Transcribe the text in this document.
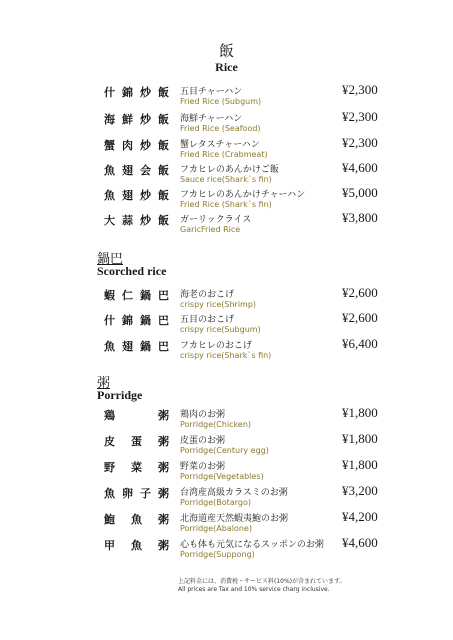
飯
Rice
什錦炒飯 五目チャーハン
Fried Rice (Subgum)
¥2,300
海鮮炒飯 海鮮チャーハン
Fried Rice (Seafood)
¥2,300
蟹肉炒飯 蟹レタスチャーハン
Fried Rice (Crabmeat)
¥2,300
魚翅会飯 フカヒレのあんかけご飯
Sauce rice(Shark`s fin)
¥4,600
魚翅炒飯 フカヒレのあんかけチャーハン
Fried Rice (Shark`s fin)
¥5,000
大蒜炒飯 ガーリックライス
GaricFried Rice
¥3,800
鍋巴
Scorched rice
蝦仁鍋巴 海老のおこげ
crispy rice(Shrimp)
¥2,600
什錦鍋巴 五目のおこげ
crispy rice(Subgum)
¥2,600
魚翅鍋巴 フカヒレのおこげ
crispy rice(Shark`s fin)
¥6,400
粥
Porridge
鶏粥 鶏肉のお粥
Porridge(Chicken)
¥1,800
皮蛋粥 皮蛋のお粥
Porridge(Century egg)
¥1,800
野菜粥 野菜のお粥
Porridge(Vegetables)
¥1,800
魚卵子粥 台湾産高級カラスミのお粥
Porridge(Botargo)
¥3,200
鮑魚粥 北海道産天然蝦夷鮑のお粥
Porridge(Abalone)
¥4,200
甲魚粥 心も体も元気になるスッポンのお粥
Porridge(Suppong)
¥4,600
上記料金には、消費税・サービス料(10%)が含まれています。
All prices are Tax and 10% service charg inclusive.
